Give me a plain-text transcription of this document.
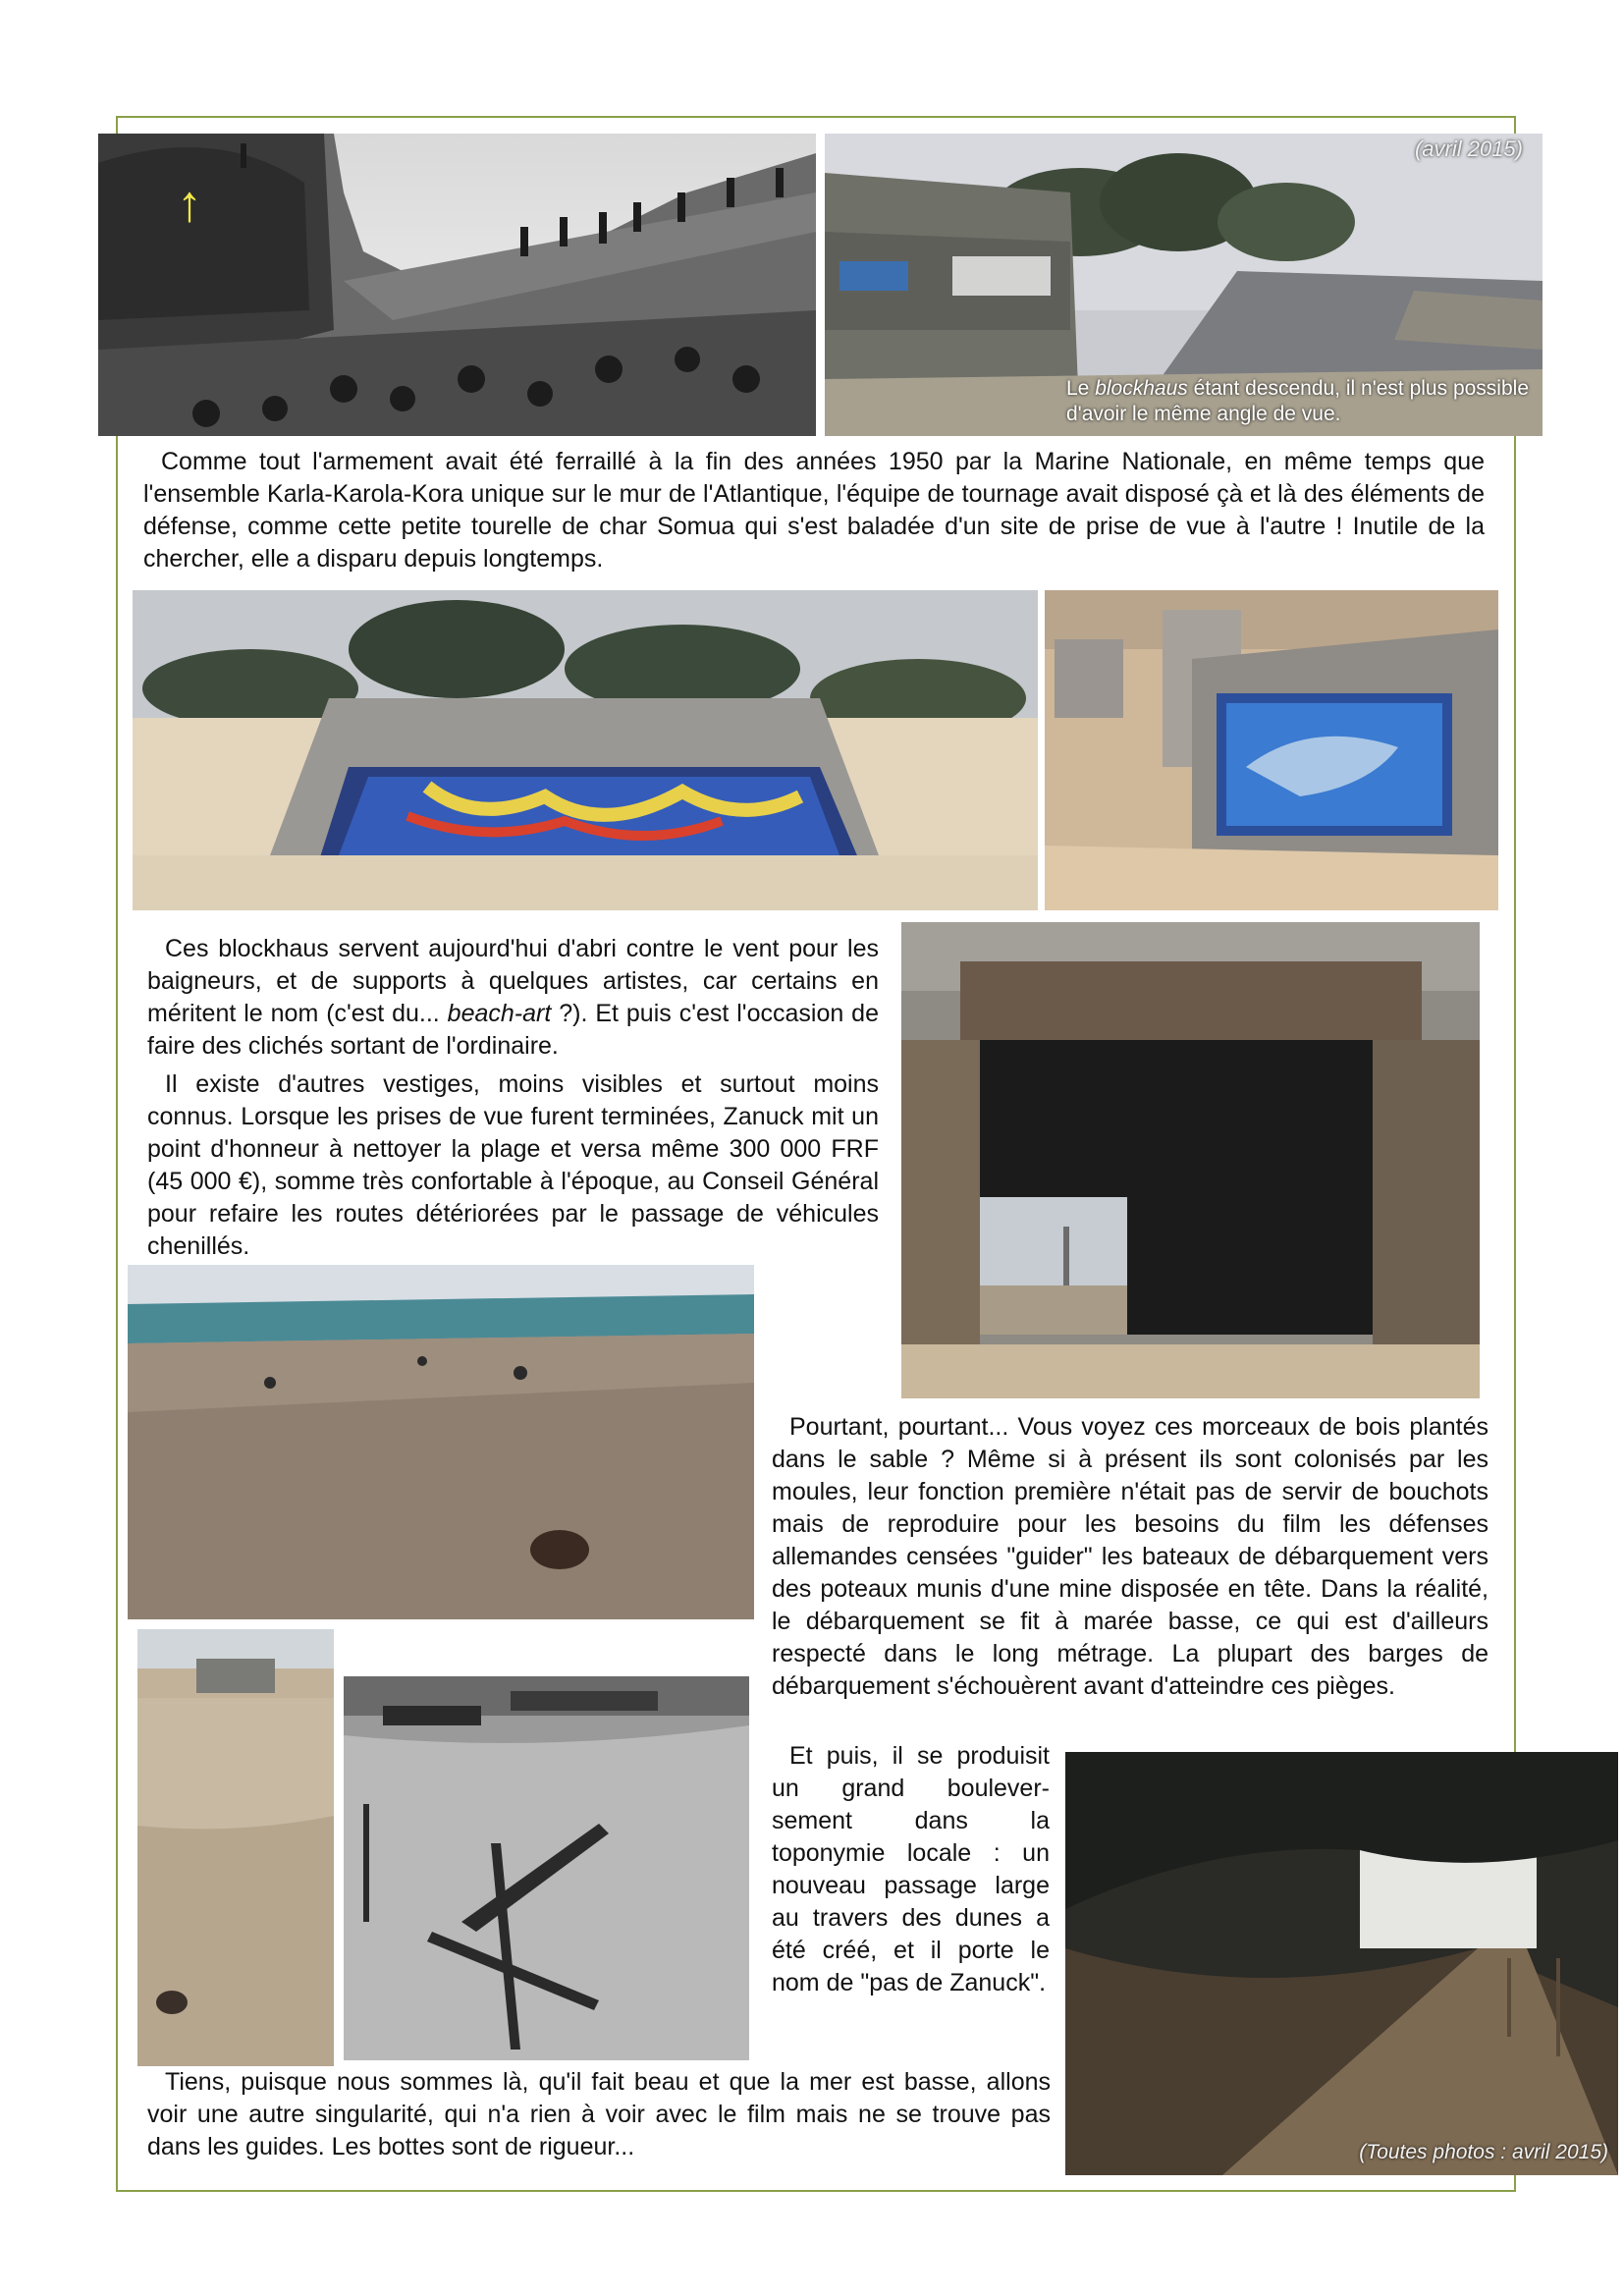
↑
(avril 2015)
Le blockhaus étant descendu, il n'est plus possible d'avoir le même angle de vue.

Comme tout l'armement avait été ferraillé à la fin des années 1950 par la Marine Nationale, en même temps que l'ensemble Karla-Karola-Kora unique sur le mur de l'Atlantique, l'équipe de tournage avait disposé çà et là des éléments de défense, comme cette petite tourelle de char Somua qui s'est baladée d'un site de prise de vue à l'autre ! Inutile de la chercher, elle a disparu depuis longtemps.

Ces blockhaus servent aujourd'hui d'abri contre le vent pour les baigneurs, et de supports à quelques artistes, car certains en méritent le nom (c'est du... beach-art ?). Et puis c'est l'occasion de faire des clichés sortant de l'ordinaire.

Il existe d'autres vestiges, moins visibles et surtout moins connus. Lorsque les prises de vue furent terminées, Zanuck mit un point d'honneur à nettoyer la plage et versa même 300 000 FRF (45 000 €), somme très confortable à l'époque, au Conseil Général pour refaire les routes détériorées par le passage de véhicules chenillés.

Pourtant, pourtant... Vous voyez ces morceaux de bois plantés dans le sable ? Même si à présent ils sont colonisés par les moules, leur fonction première n'était pas de servir de bouchots mais de reproduire pour les besoins du film les défenses allemandes censées "guider" les bateaux de débarquement vers des poteaux munis d'une mine disposée en tête. Dans la réalité, le débarquement se fit à marée basse, ce qui est d'ailleurs respecté dans le long métrage. La plupart des barges de débarquement s'échouèrent avant d'atteindre ces pièges.

Et puis, il se produisit un grand boulever-sement dans la toponymie locale : un nouveau passage large au travers des dunes a été créé, et il porte le nom de "pas de Zanuck".

(Toutes photos : avril 2015)

Tiens, puisque nous sommes là, qu'il fait beau et que la mer est basse, allons voir une autre singularité, qui n'a rien à voir avec le film mais ne se trouve pas dans les guides. Les bottes sont de rigueur...
